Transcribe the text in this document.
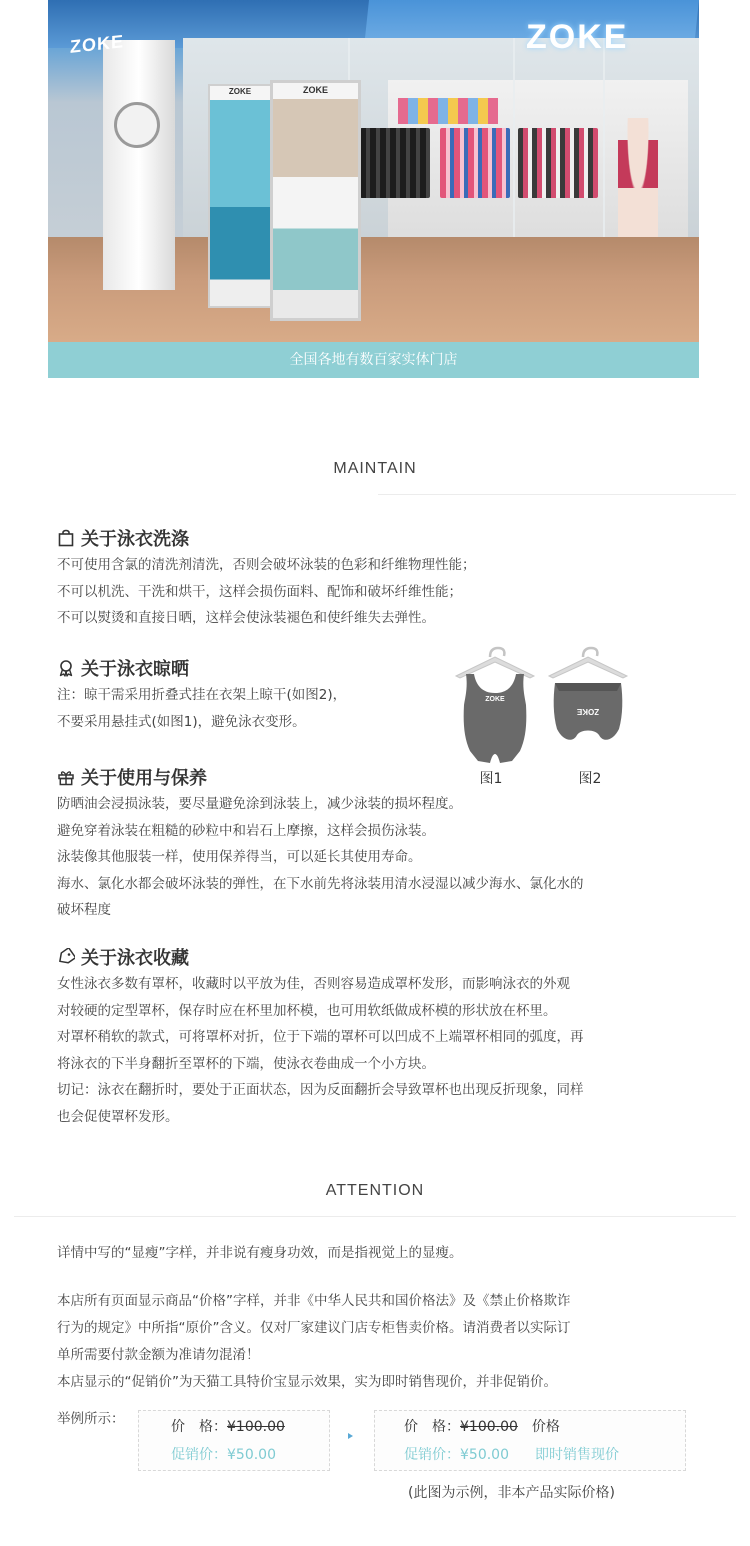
ZOKE	ZOKE
ZOKE	ZOKE
全国各地有数百家实体门店
MAINTAIN
关于泳衣洗涤
不可使用含氯的清洗剂清洗，否则会破坏泳装的色彩和纤维物理性能；
不可以机洗、干洗和烘干，这样会损伤面料、配饰和破坏纤维性能；
不可以熨烫和直接日晒，这样会使泳装褪色和使纤维失去弹性。
关于泳衣晾晒
注：晾干需采用折叠式挂在衣架上晾干(如图2)，
不要采用悬挂式(如图1)，避免泳衣变形。
ZOKE
图1
ZOKE
图2
关于使用与保养
防晒油会浸损泳装，要尽量避免涂到泳装上，减少泳装的损坏程度。
避免穿着泳装在粗糙的砂粒中和岩石上摩擦，这样会损伤泳装。
泳装像其他服装一样，使用保养得当，可以延长其使用寿命。
海水、氯化水都会破坏泳装的弹性，在下水前先将泳装用清水浸湿以减少海水、氯化水的
破坏程度
关于泳衣收藏
女性泳衣多数有罩杯，收藏时以平放为佳，否则容易造成罩杯发形，而影响泳衣的外观
对较硬的定型罩杯，保存时应在杯里加杯模，也可用软纸做成杯模的形状放在杯里。
对罩杯稍软的款式，可将罩杯对折，位于下端的罩杯可以凹成不上端罩杯相同的弧度，再
将泳衣的下半身翻折至罩杯的下端，使泳衣卷曲成一个小方块。
切记：泳衣在翻折时，要处于正面状态，因为反面翻折会导致罩杯也出现反折现象，同样
也会促使罩杯发形。
ATTENTION
详情中写的“显瘦”字样，并非说有瘦身功效，而是指视觉上的显瘦。
本店所有页面显示商品“价格”字样，并非《中华人民共和国价格法》及《禁止价格欺诈
行为的规定》中所指“原价”含义。仅对厂家建议门店专柜售卖价格。请消费者以实际订
单所需要付款金额为准请勿混淆！
本店显示的“促销价”为天猫工具特价宝显示效果，实为即时销售现价，并非促销价。
举例所示：	价　格：¥100.00
促销价：¥50.00
价　格：¥100.00 价格
促销价：¥50.00 即时销售现价
(此图为示例，非本产品实际价格)
